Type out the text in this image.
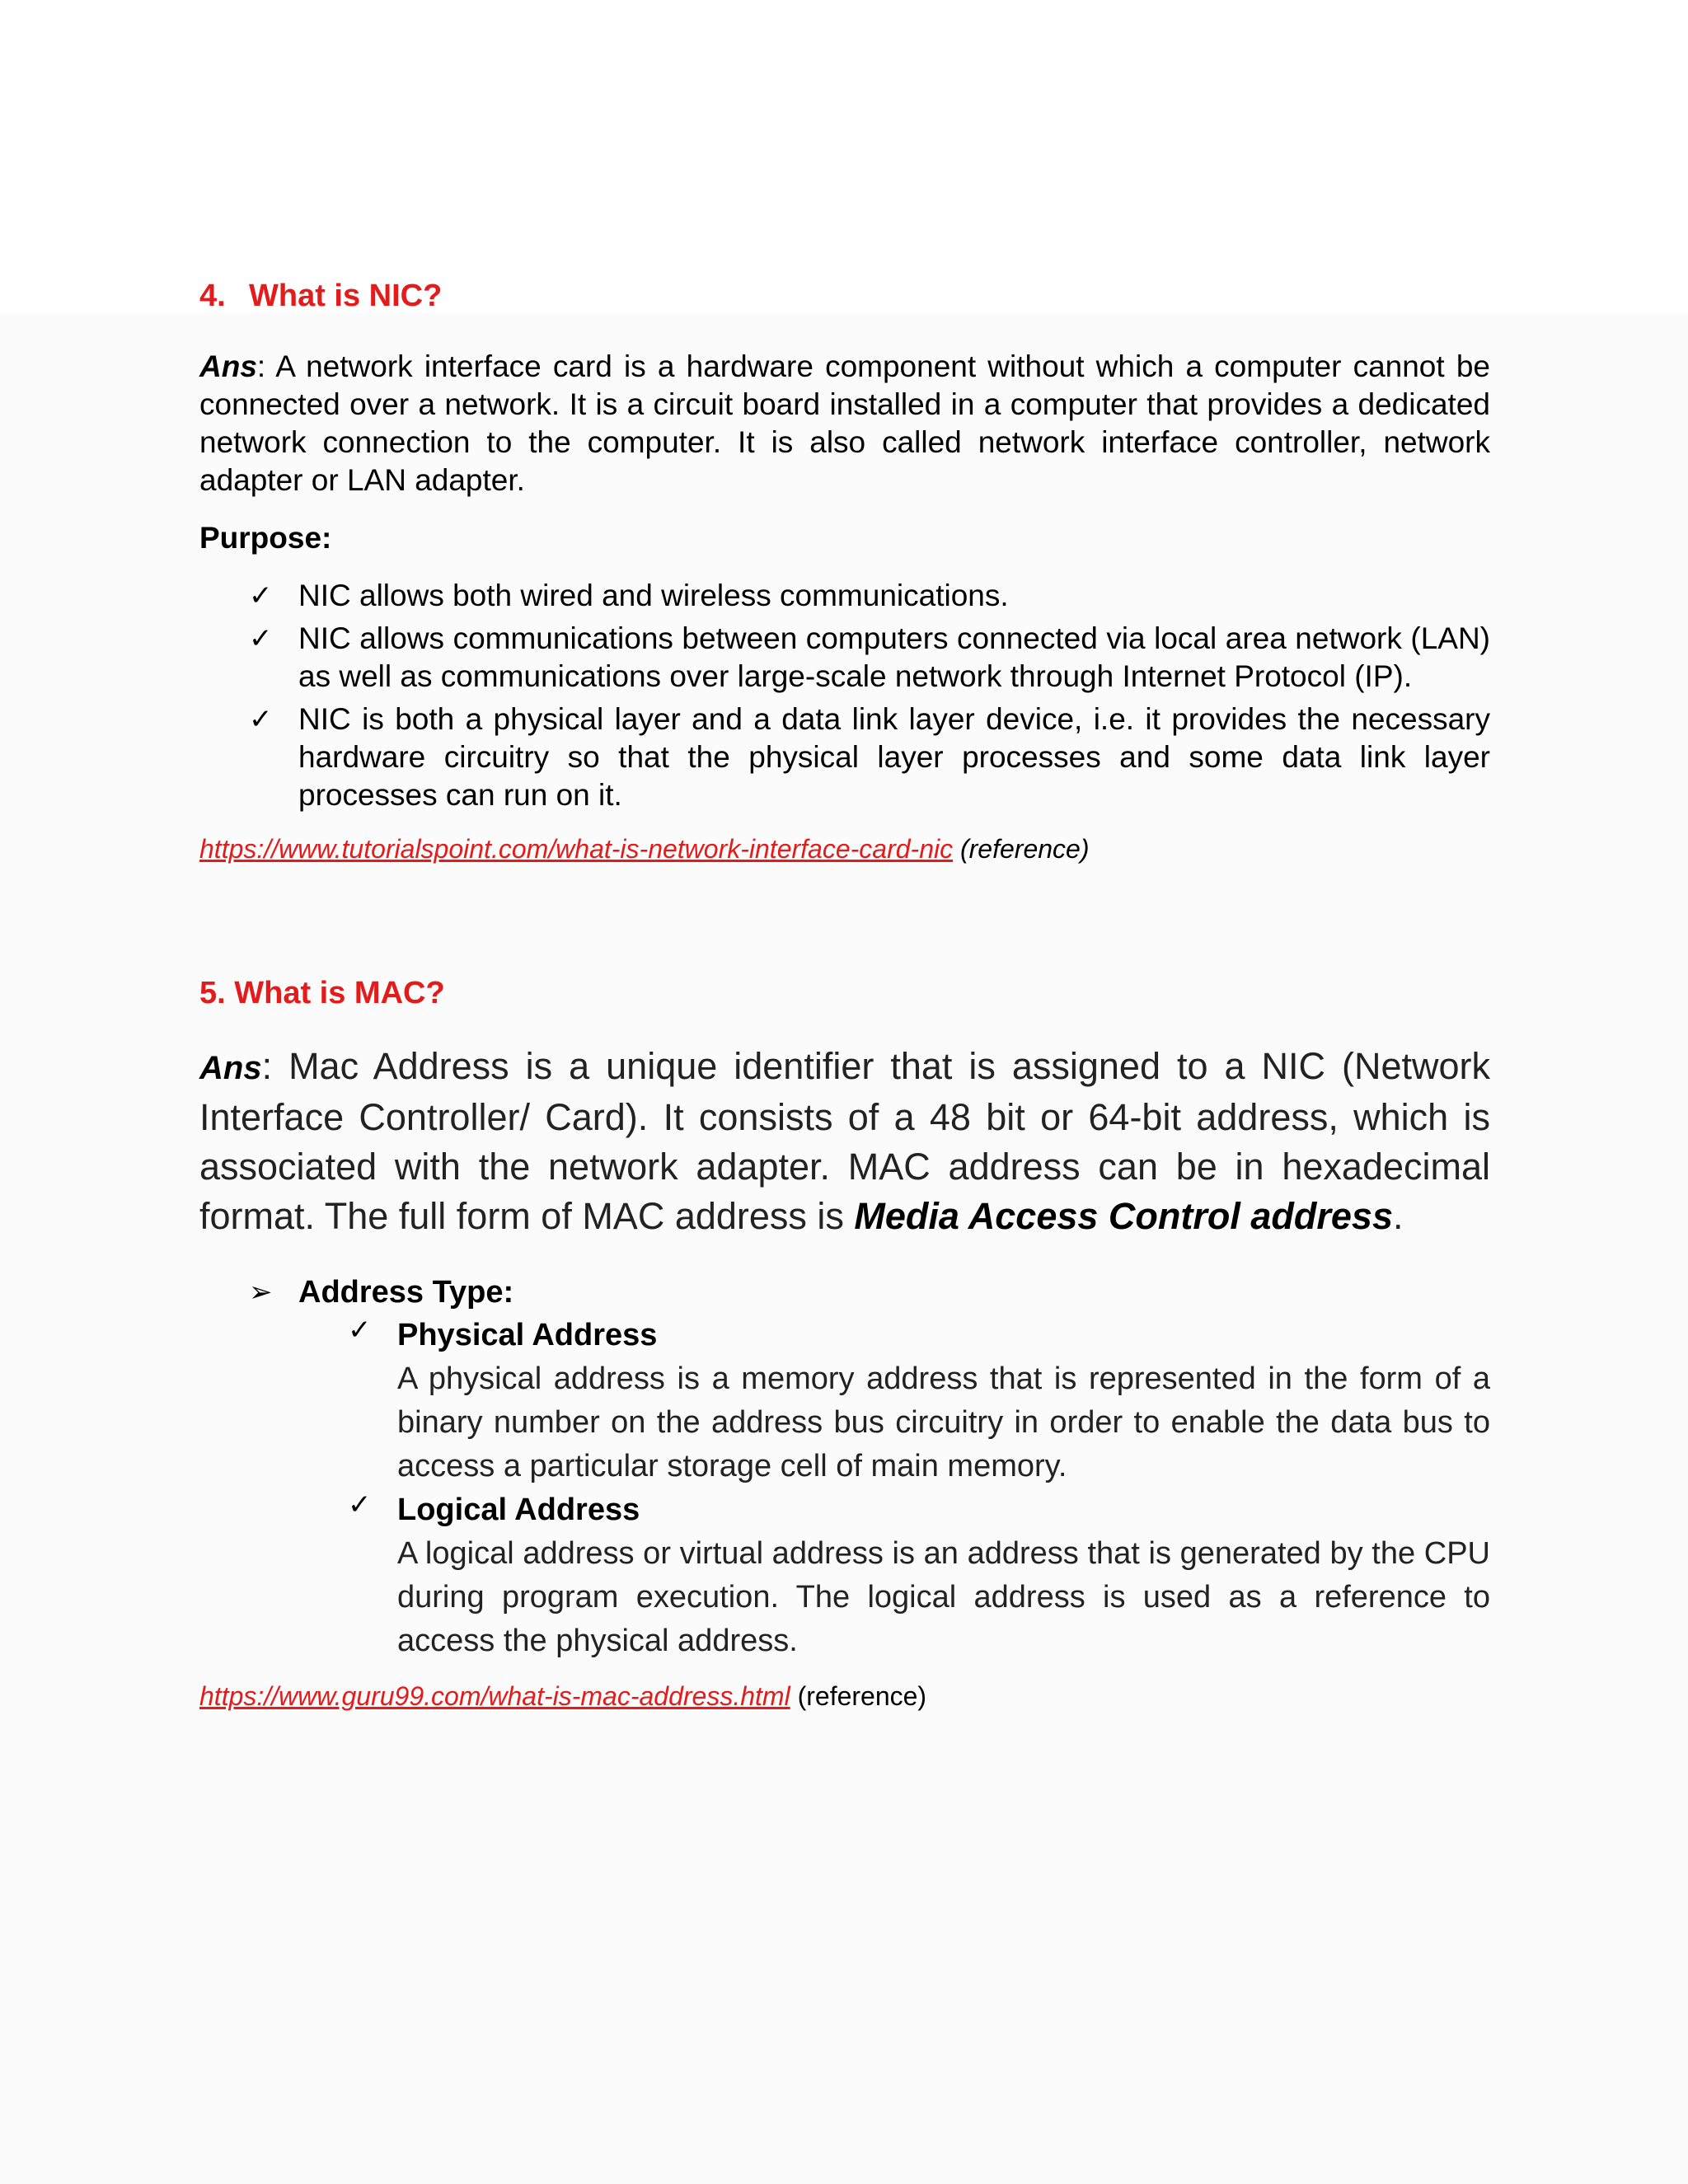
4. What is NIC?

Ans: A network interface card is a hardware component without which a computer cannot be connected over a network. It is a circuit board installed in a computer that provides a dedicated network connection to the computer. It is also called network interface controller, network adapter or LAN adapter.

Purpose:

✓ NIC allows both wired and wireless communications.
✓ NIC allows communications between computers connected via local area network (LAN) as well as communications over large-scale network through Internet Protocol (IP).
✓ NIC is both a physical layer and a data link layer device, i.e. it provides the necessary hardware circuitry so that the physical layer processes and some data link layer processes can run on it.

https://www.tutorialspoint.com/what-is-network-interface-card-nic (reference)

5. What is MAC?

Ans: Mac Address is a unique identifier that is assigned to a NIC (Network Interface Controller/ Card). It consists of a 48 bit or 64-bit address, which is associated with the network adapter. MAC address can be in hexadecimal format. The full form of MAC address is Media Access Control address.

➢ Address Type:
✓ Physical Address
A physical address is a memory address that is represented in the form of a binary number on the address bus circuitry in order to enable the data bus to access a particular storage cell of main memory.
✓ Logical Address
A logical address or virtual address is an address that is generated by the CPU during program execution. The logical address is used as a reference to access the physical address.

https://www.guru99.com/what-is-mac-address.html (reference)
